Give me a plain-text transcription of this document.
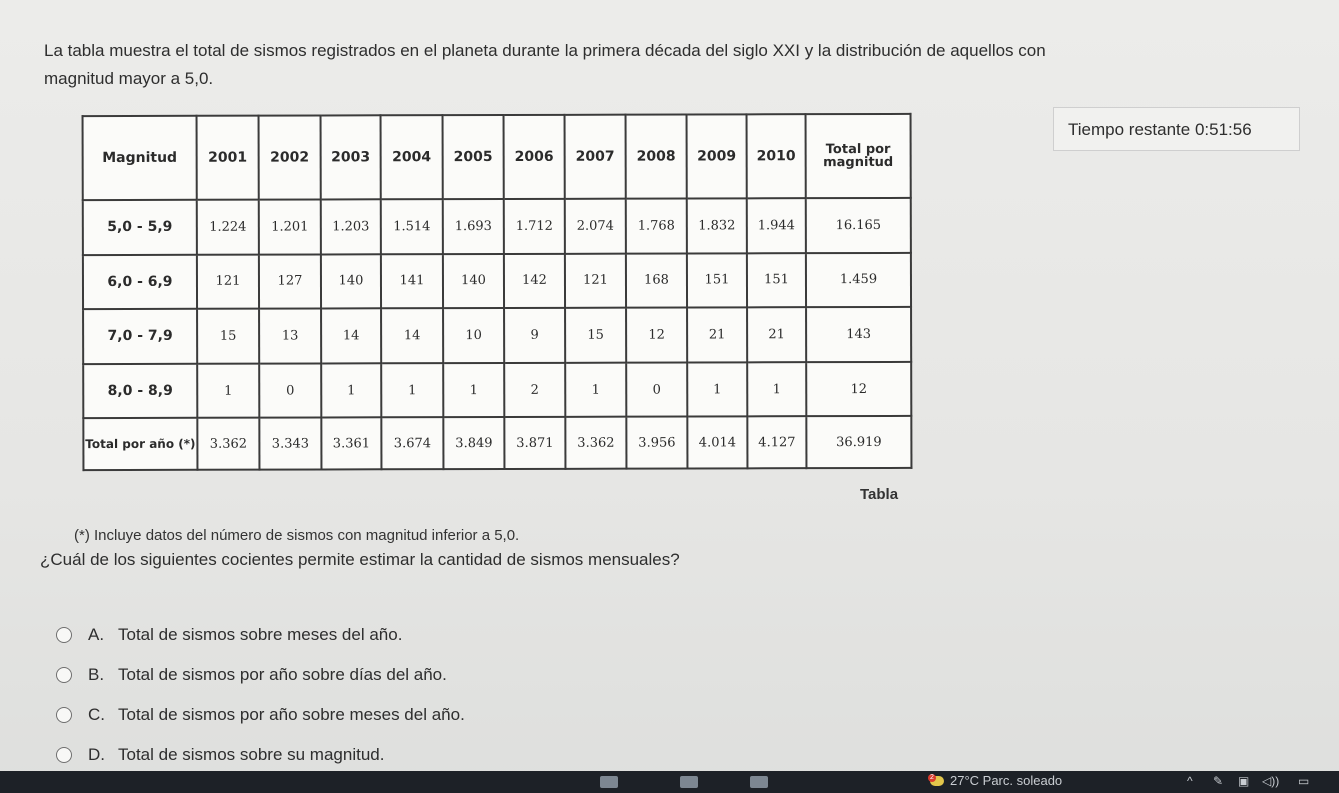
La tabla muestra el total de sismos registrados en el planeta durante la primera década del siglo XXI y la distribución de aquellos con
magnitud mayor a 5,0.
Tiempo restante 0:51:56
Magnitud	2001	2002	2003	2004	2005	2006	2007	2008	2009	2010	Total por magnitud
5,0 - 5,9	1.224	1.201	1.203	1.514	1.693	1.712	2.074	1.768	1.832	1.944	16.165
6,0 - 6,9	121	127	140	141	140	142	121	168	151	151	1.459
7,0 - 7,9	15	13	14	14	10	9	15	12	21	21	143
8,0 - 8,9	1	0	1	1	1	2	1	0	1	1	12
Total por año (*)	3.362	3.343	3.361	3.674	3.849	3.871	3.362	3.956	4.014	4.127	36.919
Tabla
(*) Incluye datos del número de sismos con magnitud inferior a 5,0.
¿Cuál de los siguientes cocientes permite estimar la cantidad de sismos mensuales?
A. Total de sismos sobre meses del año.
B. Total de sismos por año sobre días del año.
C. Total de sismos por año sobre meses del año.
D. Total de sismos sobre su magnitud.
2 27°C Parc. soleado	^ ✎ ▣ ◁)) ▭
